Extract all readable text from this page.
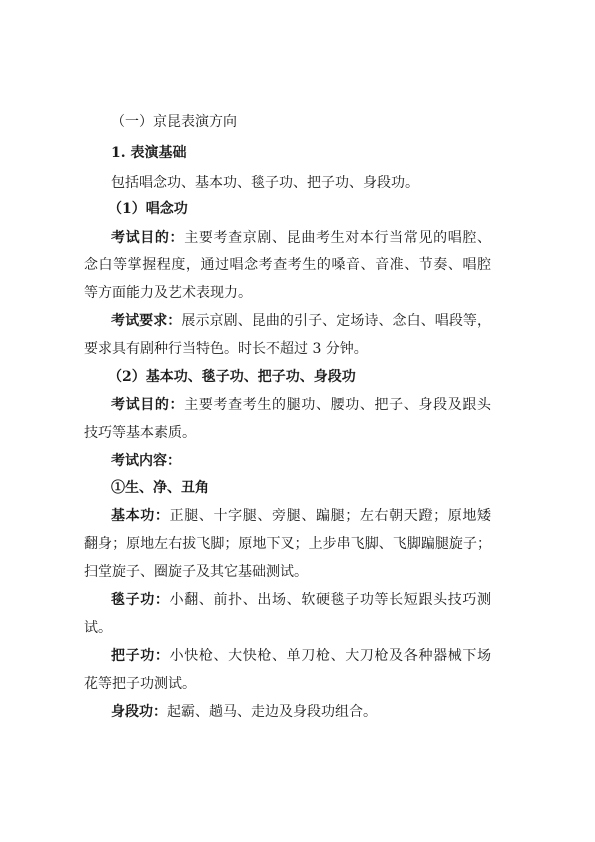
（一）京昆表演方向
1. 表演基础
包括唱念功、基本功、毯子功、把子功、身段功。
（1）唱念功
考试目的：主要考查京剧、昆曲考生对本行当常见的唱腔、
念白等掌握程度，通过唱念考查考生的嗓音、音准、节奏、唱腔
等方面能力及艺术表现力。
考试要求：展示京剧、昆曲的引子、定场诗、念白、唱段等，
要求具有剧种行当特色。时长不超过 3 分钟。
（2）基本功、毯子功、把子功、身段功
考试目的：主要考查考生的腿功、腰功、把子、身段及跟头
技巧等基本素质。
考试内容：
①生、净、丑角
基本功：正腿、十字腿、旁腿、蹁腿；左右朝天蹬；原地矮
翻身；原地左右拔飞脚；原地下叉；上步串飞脚、飞脚蹁腿旋子；
扫堂旋子、圈旋子及其它基础测试。
毯子功：小翻、前扑、出场、软硬毯子功等长短跟头技巧测
试。
把子功：小快枪、大快枪、单刀枪、大刀枪及各种器械下场
花等把子功测试。
身段功：起霸、趟马、走边及身段功组合。
